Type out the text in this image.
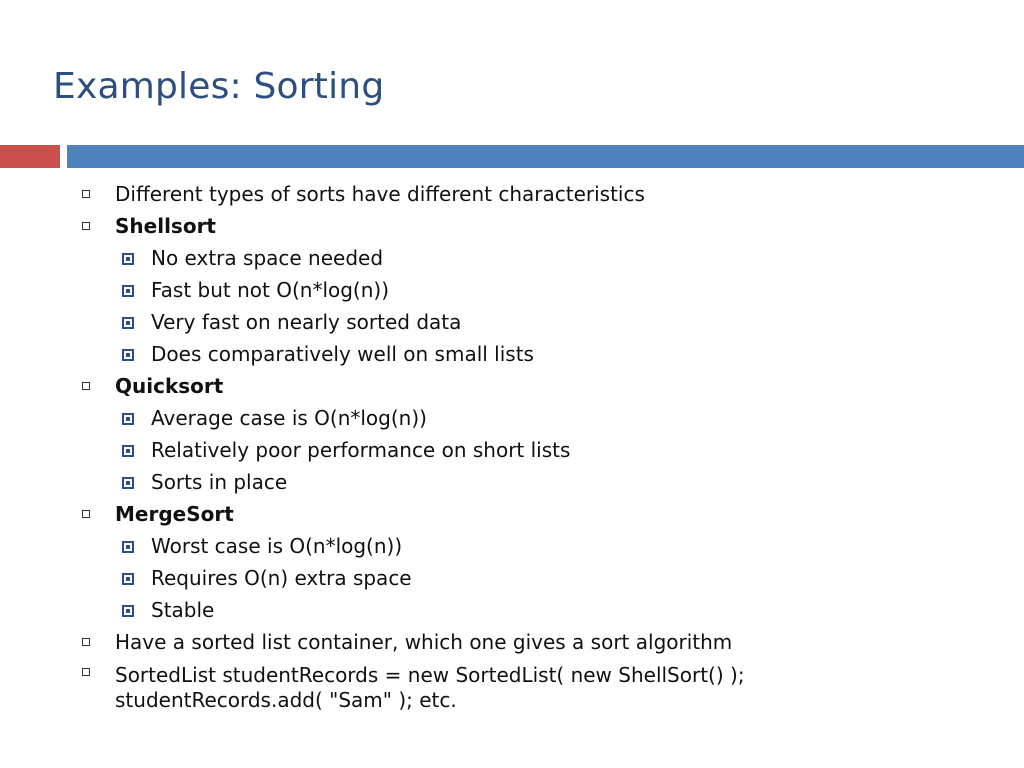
Examples: Sorting
Different types of sorts have different characteristics
Shellsort
No extra space needed
Fast but not O(n*log(n))
Very fast on nearly sorted data
Does comparatively well on small lists
Quicksort
Average case is O(n*log(n))
Relatively poor performance on short lists
Sorts in place
MergeSort
Worst case is O(n*log(n))
Requires O(n) extra space
Stable
Have a sorted list container, which one gives a sort algorithm
SortedList studentRecords = new SortedList( new ShellSort() );
studentRecords.add( "Sam" ); etc.
